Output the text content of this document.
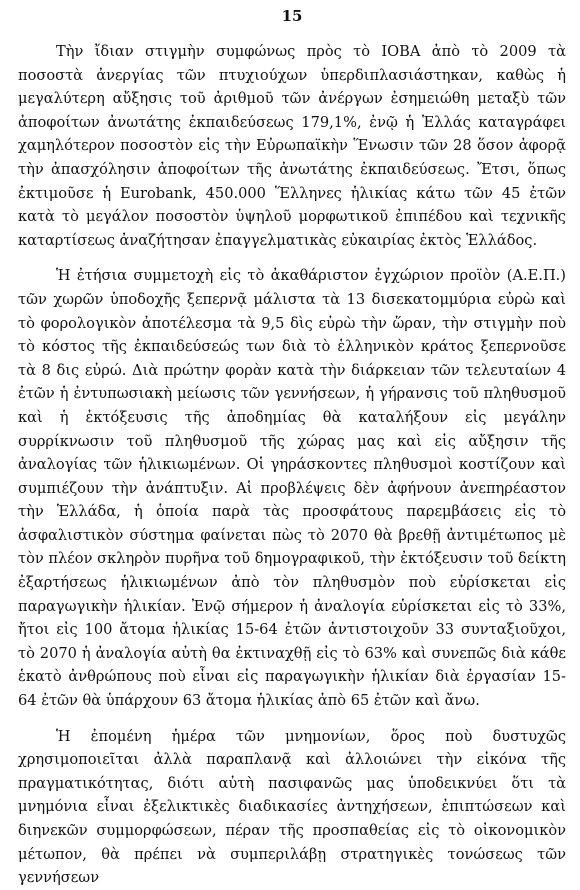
15

Τὴν ἴδιαν στιγμὴν συμφώνως πρὸς τὸ ΙΟΒΑ ἀπὸ τὸ 2009 τὰ ποσοστὰ ἀνεργίας τῶν πτυχιούχων ὑπερδιπλασιάστηκαν, καθὼς ἡ μεγαλύτερη αὔξησις τοῦ ἀριθμοῦ τῶν ἀνέργων ἐσημειώθη μεταξὺ τῶν ἀποφοίτων ἀνωτάτης ἐκπαιδεύσεως 179,1%, ἐνῷ ἡ Ἑλλάς καταγράφει χαμηλότερον ποσοστὸν εἰς τὴν Εὐρωπαϊκὴν Ἕνωσιν τῶν 28 ὅσον ἀφορᾷ τὴν ἀπασχόλησιν ἀποφοίτων τῆς ἀνωτάτης ἐκπαιδεύσεως. Ἔτσι, ὅπως ἐκτιμοῦσε ἡ Eurobank, 450.000 Ἕλληνες ἡλικίας κάτω τῶν 45 ἐτῶν κατὰ τὸ μεγάλον ποσοστὸν ὑψηλοῦ μορφωτικοῦ ἐπιπέδου καὶ τεχνικῆς καταρτίσεως ἀναζήτησαν ἐπαγγελματικὰς εὐκαιρίας ἐκτὸς Ἑλλάδος.

Ἡ ἐτήσια συμμετοχὴ εἰς τὸ ἀκαθάριστον ἐγχώριον προϊὸν (Α.Ε.Π.) τῶν χωρῶν ὑποδοχῆς ξεπερνᾷ μάλιστα τὰ 13 δισεκατομμύρια εὐρὼ καὶ τὸ φορολογικὸν ἀποτέλεσμα τὰ 9,5 δὶς εὐρὼ τὴν ὥραν, τὴν στιγμὴν ποὺ τὸ κόστος τῆς ἐκπαιδεύσεώς των διὰ τὸ ἑλληνικὸν κράτος ξεπερνοῦσε τὰ 8 δις εὐρώ. Διὰ πρώτην φορὰν κατὰ τὴν διάρκειαν τῶν τελευταίων 4 ἐτῶν ἡ ἐντυπωσιακὴ μείωσις τῶν γεννήσεων, ἡ γήρανσις τοῦ πληθυσμοῦ καὶ ἡ ἐκτόξευσις τῆς ἀποδημίας θὰ καταλήξουν εἰς μεγάλην συρρίκνωσιν τοῦ πληθυσμοῦ τῆς χώρας μας καὶ εἰς αὔξησιν τῆς ἀναλογίας τῶν ἡλικιωμένων. Οἱ γηράσκοντες πληθυσμοὶ κοστίζουν καὶ συμπιέζουν τὴν ἀνάπτυξιν. Αἱ προβλέψεις δὲν ἀφήνουν ἀνεπηρέαστον τὴν Ἑλλάδα, ἡ ὁποία παρὰ τὰς προσφάτους παρεμβάσεις εἰς τὸ ἀσφαλιστικὸν σύστημα φαίνεται πὼς τὸ 2070 θὰ βρεθῇ ἀντιμέτωπος μὲ τὸν πλέον σκληρὸν πυρῆνα τοῦ δημογραφικοῦ, τὴν ἐκτόξευσιν τοῦ δείκτη ἐξαρτήσεως ἡλικιωμένων ἀπὸ τὸν πληθυσμὸν ποὺ εὑρίσκεται εἰς παραγωγικὴν ἡλικίαν. Ἐνῷ σήμερον ἡ ἀναλογία εὑρίσκεται εἰς τὸ 33%, ἤτοι εἰς 100 ἄτομα ἡλικίας 15-64 ἐτῶν ἀντιστοιχοῦν 33 συνταξιοῦχοι, τὸ 2070 ἡ ἀναλογία αὐτὴ θα ἐκτιναχθῇ εἰς τὸ 63% καὶ συνεπῶς διὰ κάθε ἑκατὸ ἀνθρώπους ποὺ εἶναι εἰς παραγωγικὴν ἡλικίαν διὰ ἐργασίαν 15-64 ἐτῶν θὰ ὑπάρχουν 63 ἄτομα ἡλικίας ἀπὸ 65 ἐτῶν καὶ ἄνω.

Ἡ ἐπομένη ἡμέρα τῶν μνημονίων, ὅρος ποὺ δυστυχῶς χρησιμοποιεῖται ἀλλὰ παραπλανᾷ καὶ ἀλλοιώνει τὴν εἰκόνα τῆς πραγματικότητας, διότι αὐτὴ πασιφανῶς μας ὑποδεικνύει ὅτι τὰ μνημόνια εἶναι ἐξελικτικὲς διαδικασίες ἀντηχήσεων, ἐπιπτώσεων καὶ διηνεκῶν συμμορφώσεων, πέραν τῆς προσπαθείας εἰς τὸ οἰκονομικὸν μέτωπον, θὰ πρέπει νὰ συμπεριλάβῃ στρατηγικὲς τονώσεως τῶν γεννήσεων
